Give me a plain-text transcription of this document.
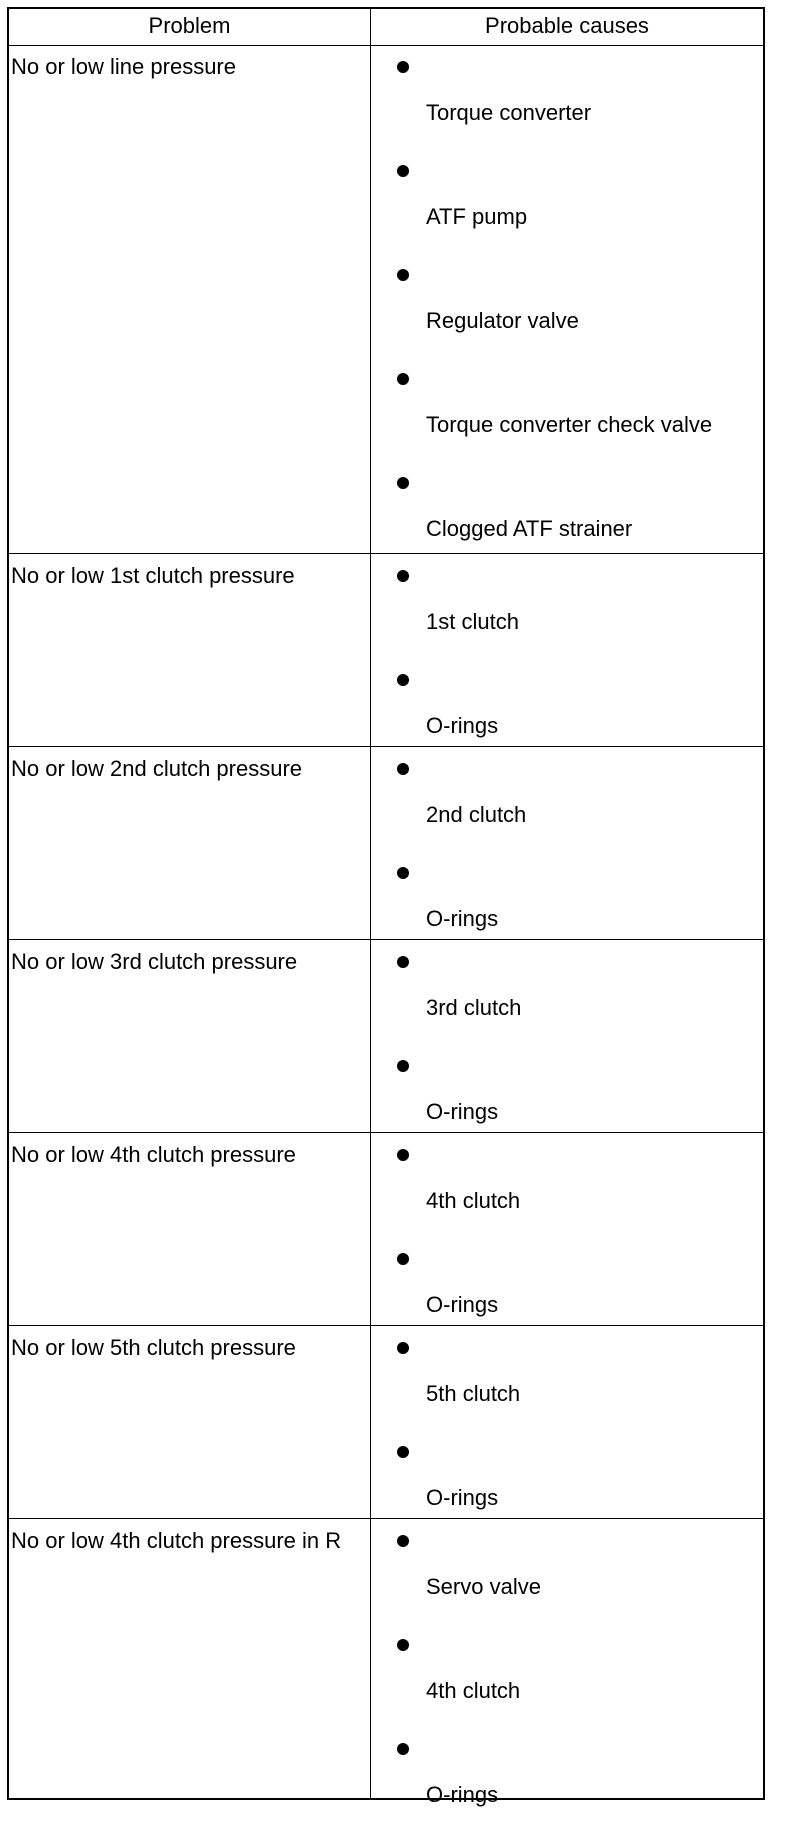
Problem	Probable causes
No or low line pressure
Torque converter
ATF pump
Regulator valve
Torque converter check valve
Clogged ATF strainer
No or low 1st clutch pressure
1st clutch
O-rings
No or low 2nd clutch pressure
2nd clutch
O-rings
No or low 3rd clutch pressure
3rd clutch
O-rings
No or low 4th clutch pressure
4th clutch
O-rings
No or low 5th clutch pressure
5th clutch
O-rings
No or low 4th clutch pressure in R
Servo valve
4th clutch
O-rings
